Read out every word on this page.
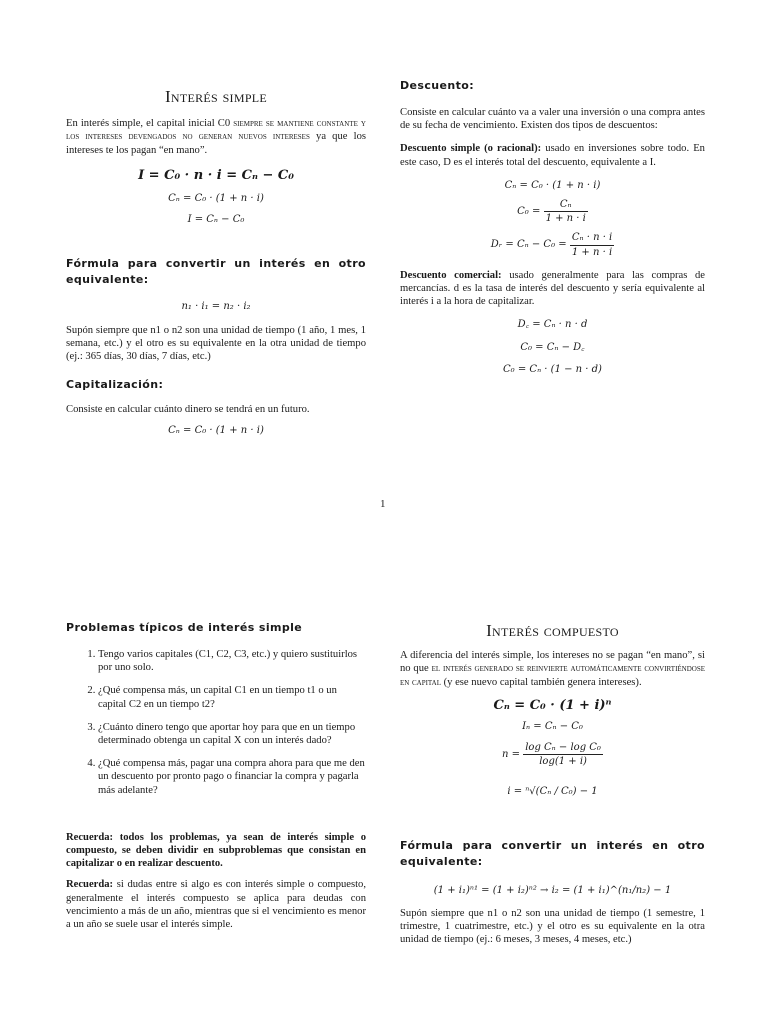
Interés simple

En interés simple, el capital inicial C0 siempre se mantiene constante y los intereses devengados no generan nuevos intereses ya que los intereses te los pagan “en mano”.

I = C₀ · n · i = Cₙ − C₀

Cₙ = C₀ · (1 + n · i)

I = Cₙ − C₀

Fórmula para convertir un interés en otro equivalente:

n₁ · i₁ = n₂ · i₂

Supón siempre que n1 o n2 son una unidad de tiempo (1 año, 1 mes, 1 semana, etc.) y el otro es su equivalente en la otra unidad de tiempo (ej.: 365 días, 30 días, 7 días, etc.)

Capitalización:

Consiste en calcular cuánto dinero se tendrá en un futuro.

Cₙ = C₀ · (1 + n · i)

Descuento:

Consiste en calcular cuánto va a valer una inversión o una compra antes de su fecha de vencimiento. Existen dos tipos de descuentos:

Descuento simple (o racional): usado en inversiones sobre todo. En este caso, D es el interés total del descuento, equivalente a I.

Cₙ = C₀ · (1 + n · i)

$C_0 = \frac{\text{Cₙ}}{1 + n \cdot i}$

Dᵣ = $C_n - C_0 = \frac{\text{Cₙ · n · i}}{1 + n \cdot i}$

Descuento comercial: usado generalmente para las compras de mercancías. d es la tasa de interés del descuento y sería equivalente al interés i a la hora de capitalizar.

D꜀ = Cₙ · n · d

C₀ = Cₙ − D꜀

C₀ = Cₙ · (1 − n · d)

1

Problemas típicos de interés simple

1. Tengo varios capitales (C1, C2, C3, etc.) y quiero sustituirlos por uno solo.
2. ¿Qué compensa más, un capital C1 en un tiempo t1 o un capital C2 en un tiempo t2?
3. ¿Cuánto dinero tengo que aportar hoy para que en un tiempo determinado obtenga un capital X con un interés dado?
4. ¿Qué compensa más, pagar una compra ahora para que me den un descuento por pronto pago o financiar la compra y pagarla más adelante?

Recuerda: todos los problemas, ya sean de interés simple o compuesto, se deben dividir en subproblemas que consistan en capitalizar o en realizar descuento.

Recuerda: si dudas entre si algo es con interés simple o compuesto, generalmente el interés compuesto se aplica para deudas con vencimiento a más de un año, mientras que si el vencimiento es menor a un año se suele usar el interés simple.

Interés compuesto

A diferencia del interés simple, los intereses no se pagan “en mano”, si no que el interés generado se reinvierte automáticamente convirtiéndose en capital (y ese nuevo capital también genera intereses).

Cₙ = C₀ · (1 + i)ⁿ

Iₙ = Cₙ − C₀

$n = \frac{\text{log Cₙ − log C₀}}{\log(1 + i)}$

i = ⁿ√(Cₙ / C₀) − 1

Fórmula para convertir un interés en otro equivalente:

(1 + i₁)ⁿ¹ = (1 + i₂)ⁿ² → i₂ = (1 + i₁)^(n₁/n₂) − 1

Supón siempre que n1 o n2 son una unidad de tiempo (1 semestre, 1 trimestre, 1 cuatrimestre, etc.) y el otro es su equivalente en la otra unidad de tiempo (ej.: 6 meses, 3 meses, 4 meses, etc.)
